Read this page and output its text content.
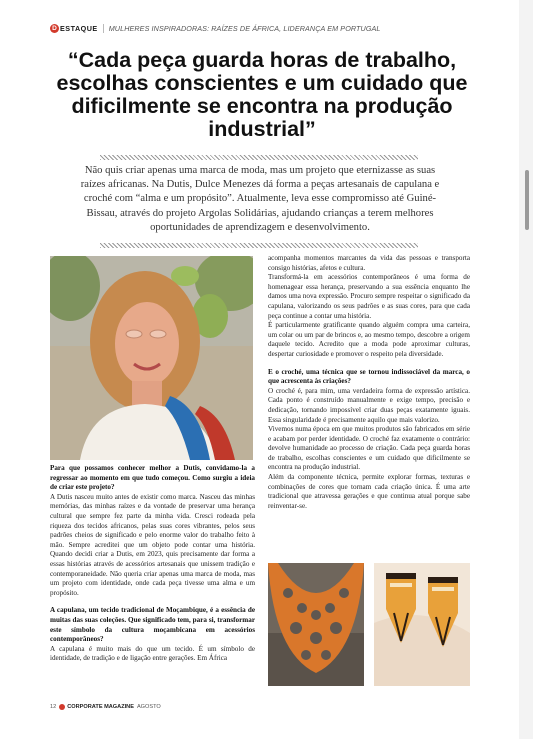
D ESTAQUE MULHERES INSPIRADORAS: RAÍZES DE ÁFRICA, LIDERANÇA EM PORTUGAL
“Cada peça guarda horas de trabalho, escolhas conscientes e um cuidado que dificilmente se encontra na produção industrial”

Não quis criar apenas uma marca de moda, mas um projeto que eternizasse as suas raízes africanas. Na Dutis, Dulce Menezes dá forma a peças artesanais de capulana e croché com “alma e um propósito”. Atualmente, leva esse compromisso até Guiné-Bissau, através do projeto Argolas Solidárias, ajudando crianças a terem melhores oportunidades de aprendizagem e desenvolvimento.

Para que possamos conhecer melhor a Dutis, convidamo-la a regressar ao momento em que tudo começou. Como surgiu a ideia de criar este projeto?

A Dutis nasceu muito antes de existir como marca. Nasceu das minhas memórias, das minhas raízes e da vontade de preservar uma herança cultural que sempre fez parte da minha vida. Cresci rodeada pela riqueza dos tecidos africanos, pelas suas cores vibrantes, pelos seus padrões cheios de significado e pelo enorme valor do trabalho feito à mão. Sempre acreditei que um objeto pode contar uma história. Quando decidi criar a Dutis, em 2023, quis precisamente dar forma a essas histórias através de acessórios artesanais que unissem tradição e contemporaneidade. Não queria criar apenas uma marca de moda, mas um projeto com identidade, onde cada peça tivesse uma alma e um propósito.

A capulana, um tecido tradicional de Moçambique, é a essência de muitas das suas coleções. Que significado tem, para si, transformar este símbolo da cultura moçambicana em acessórios contemporâneos?

A capulana é muito mais do que um tecido. É um símbolo de identidade, de tradição e de ligação entre gerações. Em África

acompanha momentos marcantes da vida das pessoas e transporta consigo histórias, afetos e cultura.

Transformá-la em acessórios contemporâneos é uma forma de homenagear essa herança, preservando a sua essência enquanto lhe damos uma nova expressão. Procuro sempre respeitar o significado da capulana, valorizando os seus padrões e as suas cores, para que cada peça continue a contar uma história.

É particularmente gratificante quando alguém compra uma carteira, um colar ou um par de brincos e, ao mesmo tempo, descobre a origem daquele tecido. Acredito que a moda pode aproximar culturas, despertar curiosidade e promover o respeito pela diversidade.

E o croché, uma técnica que se tornou indissociável da marca, o que acrescenta às criações?

O croché é, para mim, uma verdadeira forma de expressão artística. Cada ponto é construído manualmente e exige tempo, precisão e dedicação, tornando impossível criar duas peças exatamente iguais. Essa singularidade é precisamente aquilo que mais valorizo.

Vivemos numa época em que muitos produtos são fabricados em série e acabam por perder identidade. O croché faz exatamente o contrário: devolve humanidade ao processo de criação. Cada peça guarda horas de trabalho, escolhas conscientes e um cuidado que dificilmente se encontra na produção industrial.

Além da componente técnica, permite explorar formas, texturas e combinações de cores que tornam cada criação única. É uma arte tradicional que atravessa gerações e que continua atual porque sabe reinventar-se.

12 CORPORATE MAGAZINE AGOSTO
